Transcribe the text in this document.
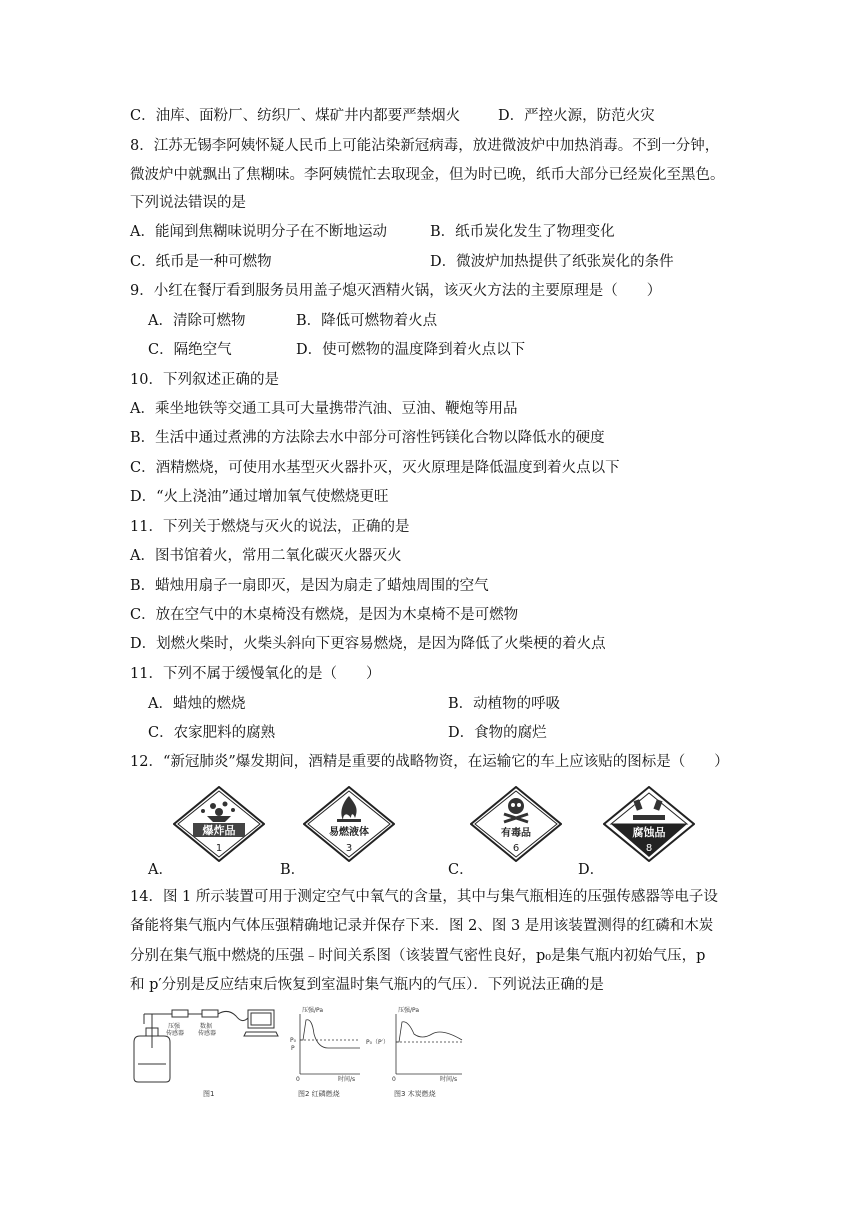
C．油库、面粉厂、纺织厂、煤矿井内都要严禁烟火	D．严控火源，防范火灾
8．江苏无锡李阿姨怀疑人民币上可能沾染新冠病毒，放进微波炉中加热消毒。不到一分钟，
微波炉中就飘出了焦糊味。李阿姨慌忙去取现金，但为时已晚，纸币大部分已经炭化至黑色。
下列说法错误的是
A．能闻到焦糊味说明分子在不断地运动	B．纸币炭化发生了物理变化
C．纸币是一种可燃物	D．微波炉加热提供了纸张炭化的条件
9．小红在餐厅看到服务员用盖子熄灭酒精火锅，该灭火方法的主要原理是（　　）
A．清除可燃物	B．降低可燃物着火点
C．隔绝空气	D．使可燃物的温度降到着火点以下
10．下列叙述正确的是
A．乘坐地铁等交通工具可大量携带汽油、豆油、鞭炮等用品
B．生活中通过煮沸的方法除去水中部分可溶性钙镁化合物以降低水的硬度
C．酒精燃烧，可使用水基型灭火器扑灭，灭火原理是降低温度到着火点以下
D．“火上浇油”通过增加氧气使燃烧更旺
11．下列关于燃烧与灭火的说法，正确的是
A．图书馆着火，常用二氧化碳灭火器灭火
B．蜡烛用扇子一扇即灭，是因为扇走了蜡烛周围的空气
C．放在空气中的木桌椅没有燃烧，是因为木桌椅不是可燃物
D．划燃火柴时，火柴头斜向下更容易燃烧，是因为降低了火柴梗的着火点
11．下列不属于缓慢氧化的是（　　）
A．蜡烛的燃烧	B．动植物的呼吸
C．农家肥料的腐熟	D．食物的腐烂
12．“新冠肺炎”爆发期间，酒精是重要的战略物资，在运输它的车上应该贴的图标是（　　）
爆炸品
1
A．
易燃液体
3
B．
有毒品
6
C．
腐蚀品
8
D．
14．图 1 所示装置可用于测定空气中氧气的含量，其中与集气瓶相连的压强传感器等电子设
备能将集气瓶内气体压强精确地记录并保存下来．图 2、图 3 是用该装置测得的红磷和木炭
分别在集气瓶中燃烧的压强﹣时间关系图（该装置气密性良好，p₀是集气瓶内初始气压，p
和 p′分别是反应结束后恢复到室温时集气瓶内的气压）．下列说法正确的是
压强
传感器
数据
传感器
图1
压强/Pa
P₀
P
0	时间/s
图2 红磷燃烧
压强/Pa
P₀（P′）
0	时间/s
图3 木炭燃烧
